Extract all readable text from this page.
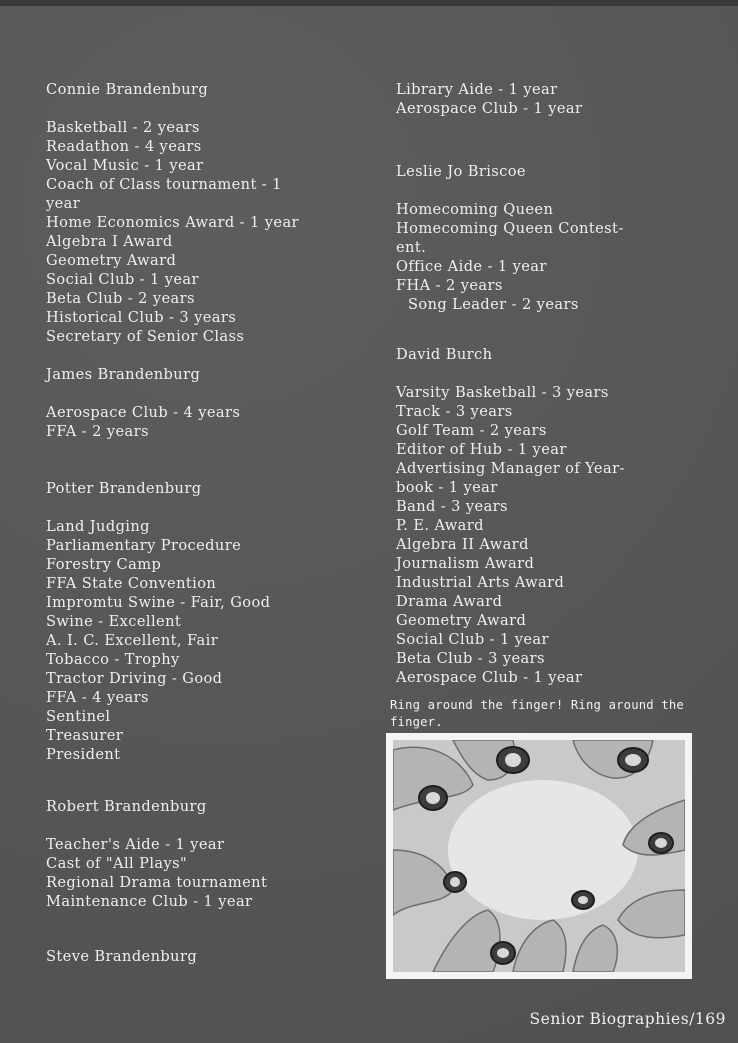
Connie Brandenburg
Basketball - 2 years
Readathon - 4 years
Vocal Music - 1 year
Coach of Class tournament - 1
year
Home Economics Award - 1 year
Algebra I Award
Geometry Award
Social Club - 1 year
Beta Club - 2 years
Historical Club - 3 years
Secretary of Senior Class
James Brandenburg
Aerospace Club - 4 years
FFA - 2 years
Potter Brandenburg
Land Judging
Parliamentary Procedure
Forestry Camp
FFA State Convention
Impromtu Swine - Fair, Good
Swine - Excellent
A. I. C. Excellent, Fair
Tobacco - Trophy
Tractor Driving - Good
FFA - 4 years
Sentinel
Treasurer
President
Robert Brandenburg
Teacher's Aide - 1 year
Cast of "All Plays"
Regional Drama tournament
Maintenance Club - 1 year
Steve Brandenburg
Library Aide - 1 year
Aerospace Club - 1 year
Leslie Jo Briscoe
Homecoming Queen
Homecoming Queen Contest-
ent.
Office Aide - 1 year
FHA - 2 years
Song Leader - 2 years
David Burch
Varsity Basketball - 3 years
Track - 3 years
Golf Team - 2 years
Editor of Hub - 1 year
Advertising Manager of Year-
book - 1 year
Band - 3 years
P. E. Award
Algebra II Award
Journalism Award
Industrial Arts Award
Drama Award
Geometry Award
Social Club - 1 year
Beta Club - 3 years
Aerospace Club - 1 year
Ring around the finger! Ring around the finger.
Senior Biographies/169
